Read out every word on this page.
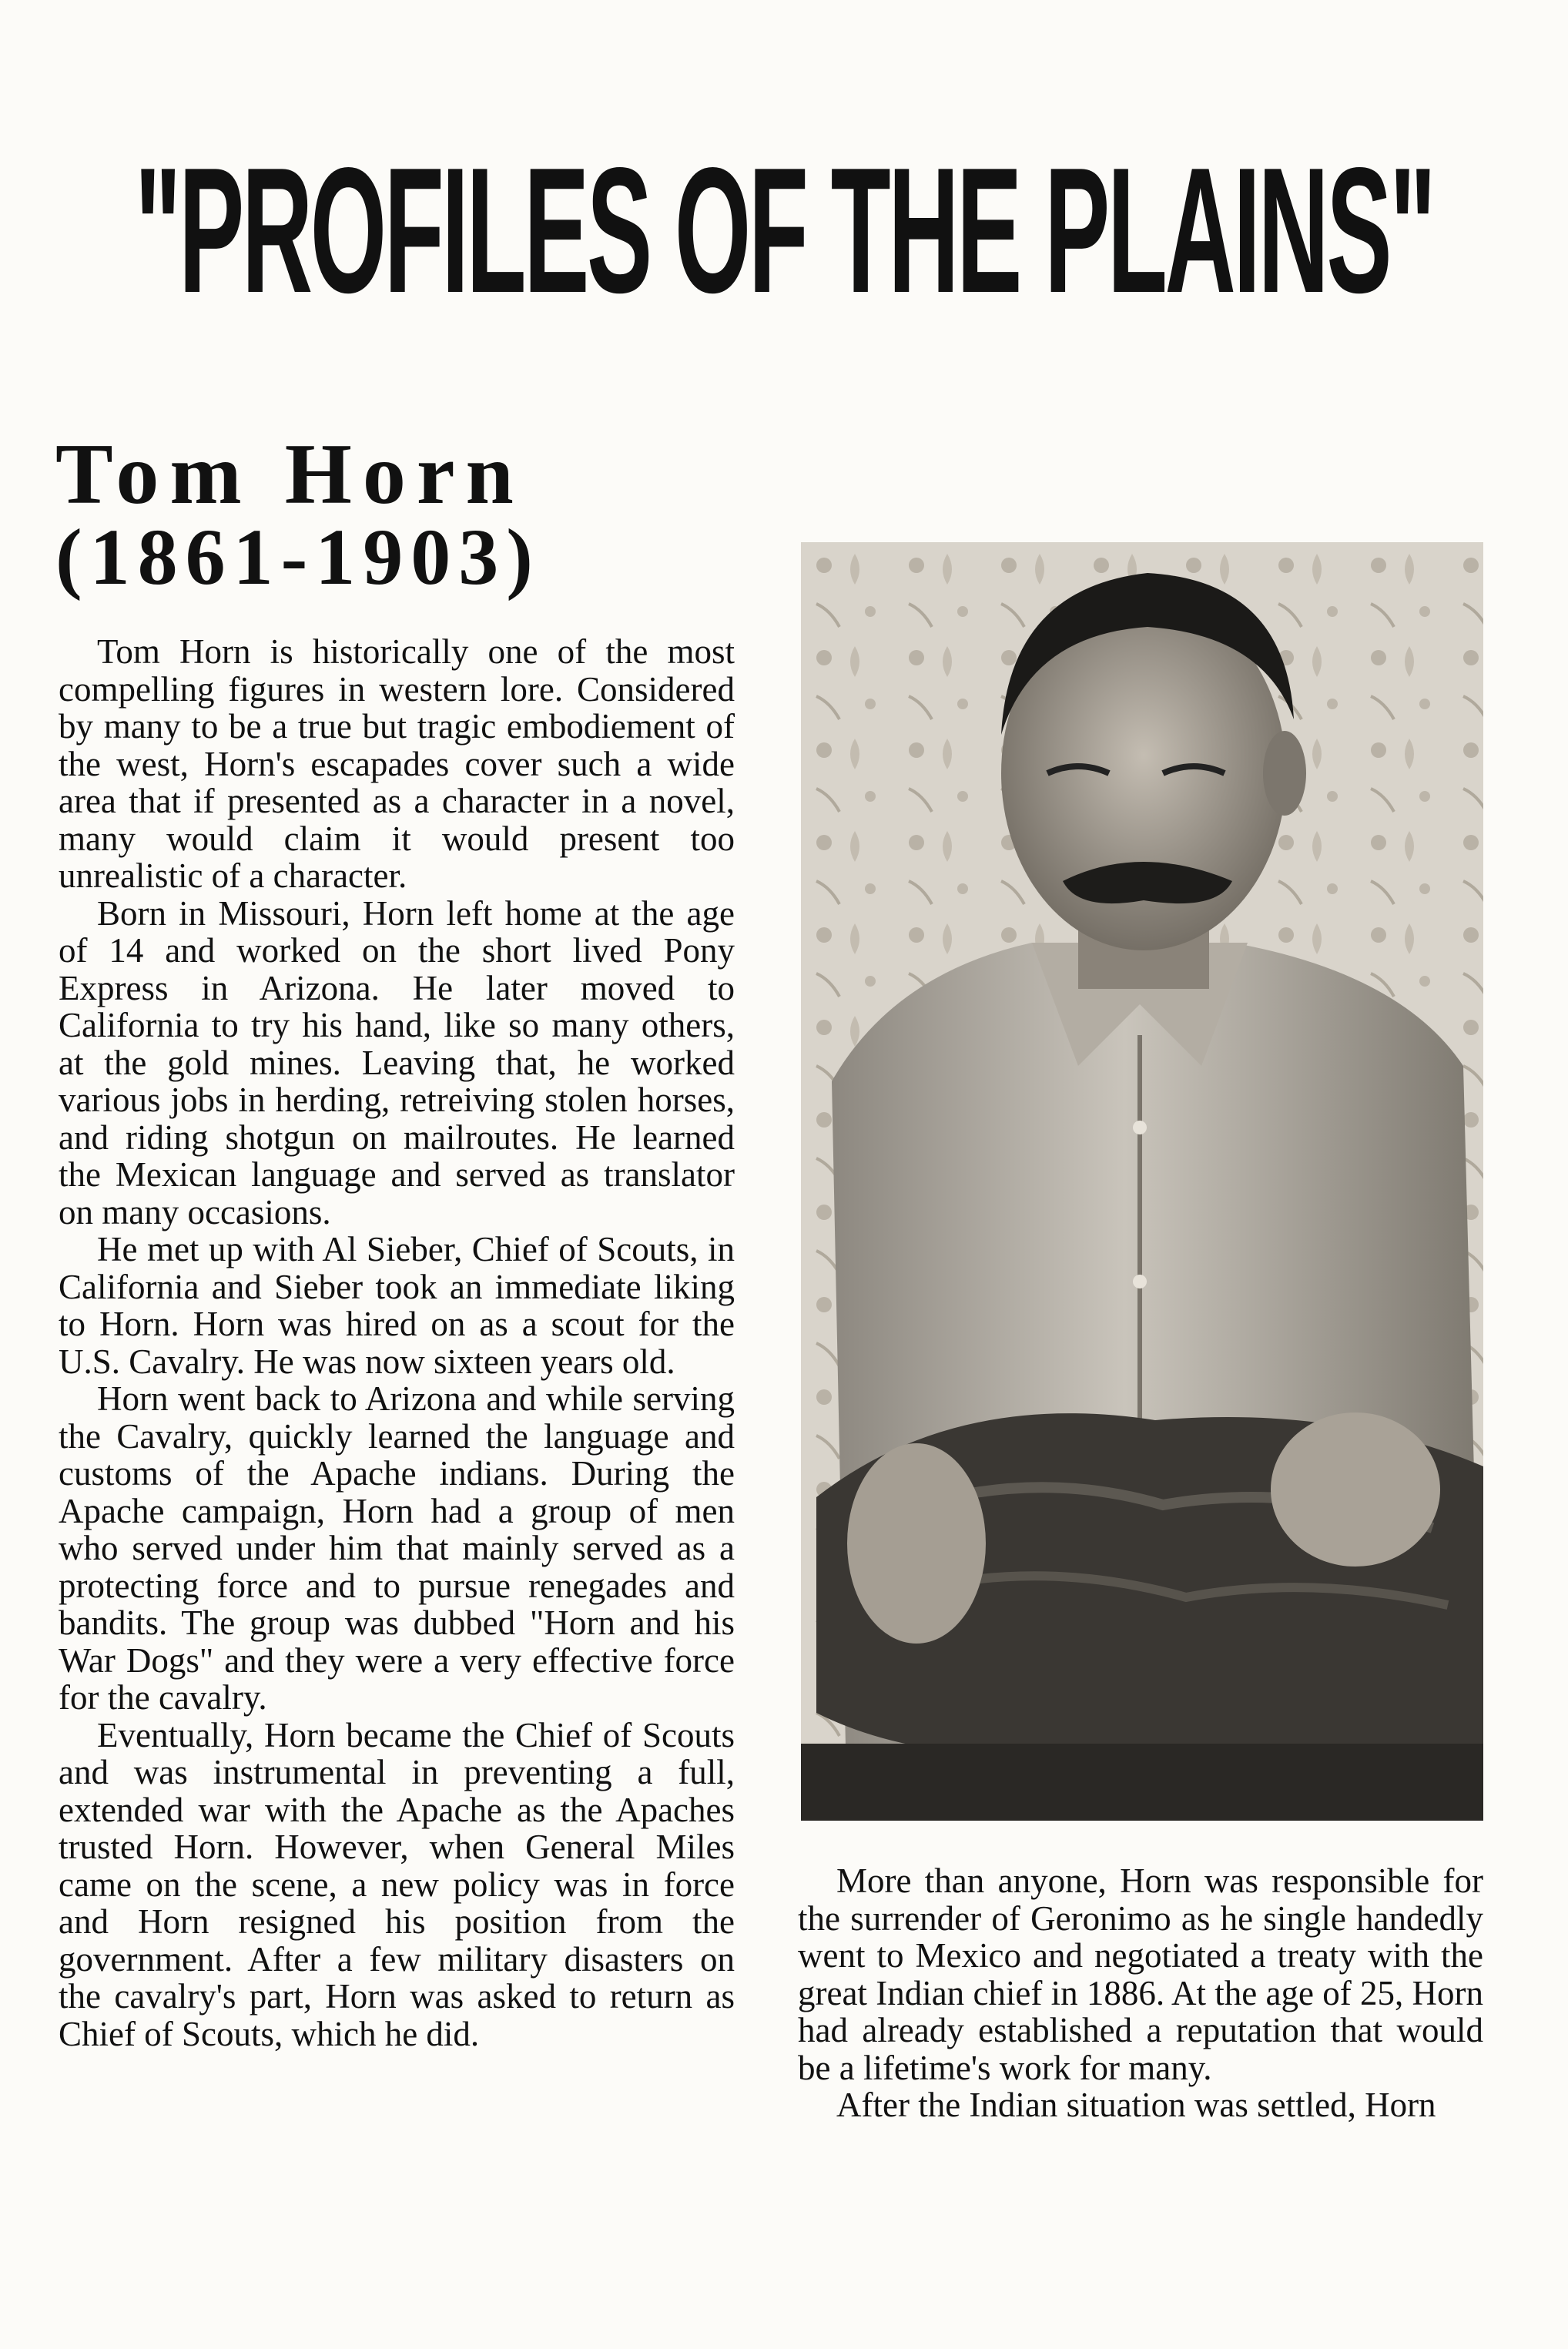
"PROFILES OF THE PLAINS"
Tom Horn
(1861-1903)

Tom Horn is historically one of the most compelling figures in western lore. Considered by many to be a true but tragic embodiement of the west, Horn's escapades cover such a wide area that if presented as a character in a novel, many would claim it would present too unrealistic of a character.

Born in Missouri, Horn left home at the age of 14 and worked on the short lived Pony Express in Arizona. He later moved to California to try his hand, like so many others, at the gold mines. Leaving that, he worked various jobs in herding, retreiving stolen horses, and riding shotgun on mailroutes. He learned the Mexican language and served as translator on many occasions.

He met up with Al Sieber, Chief of Scouts, in California and Sieber took an immediate liking to Horn. Horn was hired on as a scout for the U.S. Cavalry. He was now sixteen years old.

Horn went back to Arizona and while serving the Cavalry, quickly learned the language and customs of the Apache indians. During the Apache campaign, Horn had a group of men who served under him that mainly served as a protecting force and to pursue renegades and bandits. The group was dubbed "Horn and his War Dogs" and they were a very effective force for the cavalry.

Eventually, Horn became the Chief of Scouts and was instrumental in preventing a full, extended war with the Apache as the Apaches trusted Horn. However, when General Miles came on the scene, a new policy was in force and Horn resigned his position from the government. After a few military disasters on the cavalry's part, Horn was asked to return as Chief of Scouts, which he did.

More than anyone, Horn was responsible for the surrender of Geronimo as he single handedly went to Mexico and negotiated a treaty with the great Indian chief in 1886. At the age of 25, Horn had already established a reputation that would be a lifetime's work for many.

After the Indian situation was settled, Horn
